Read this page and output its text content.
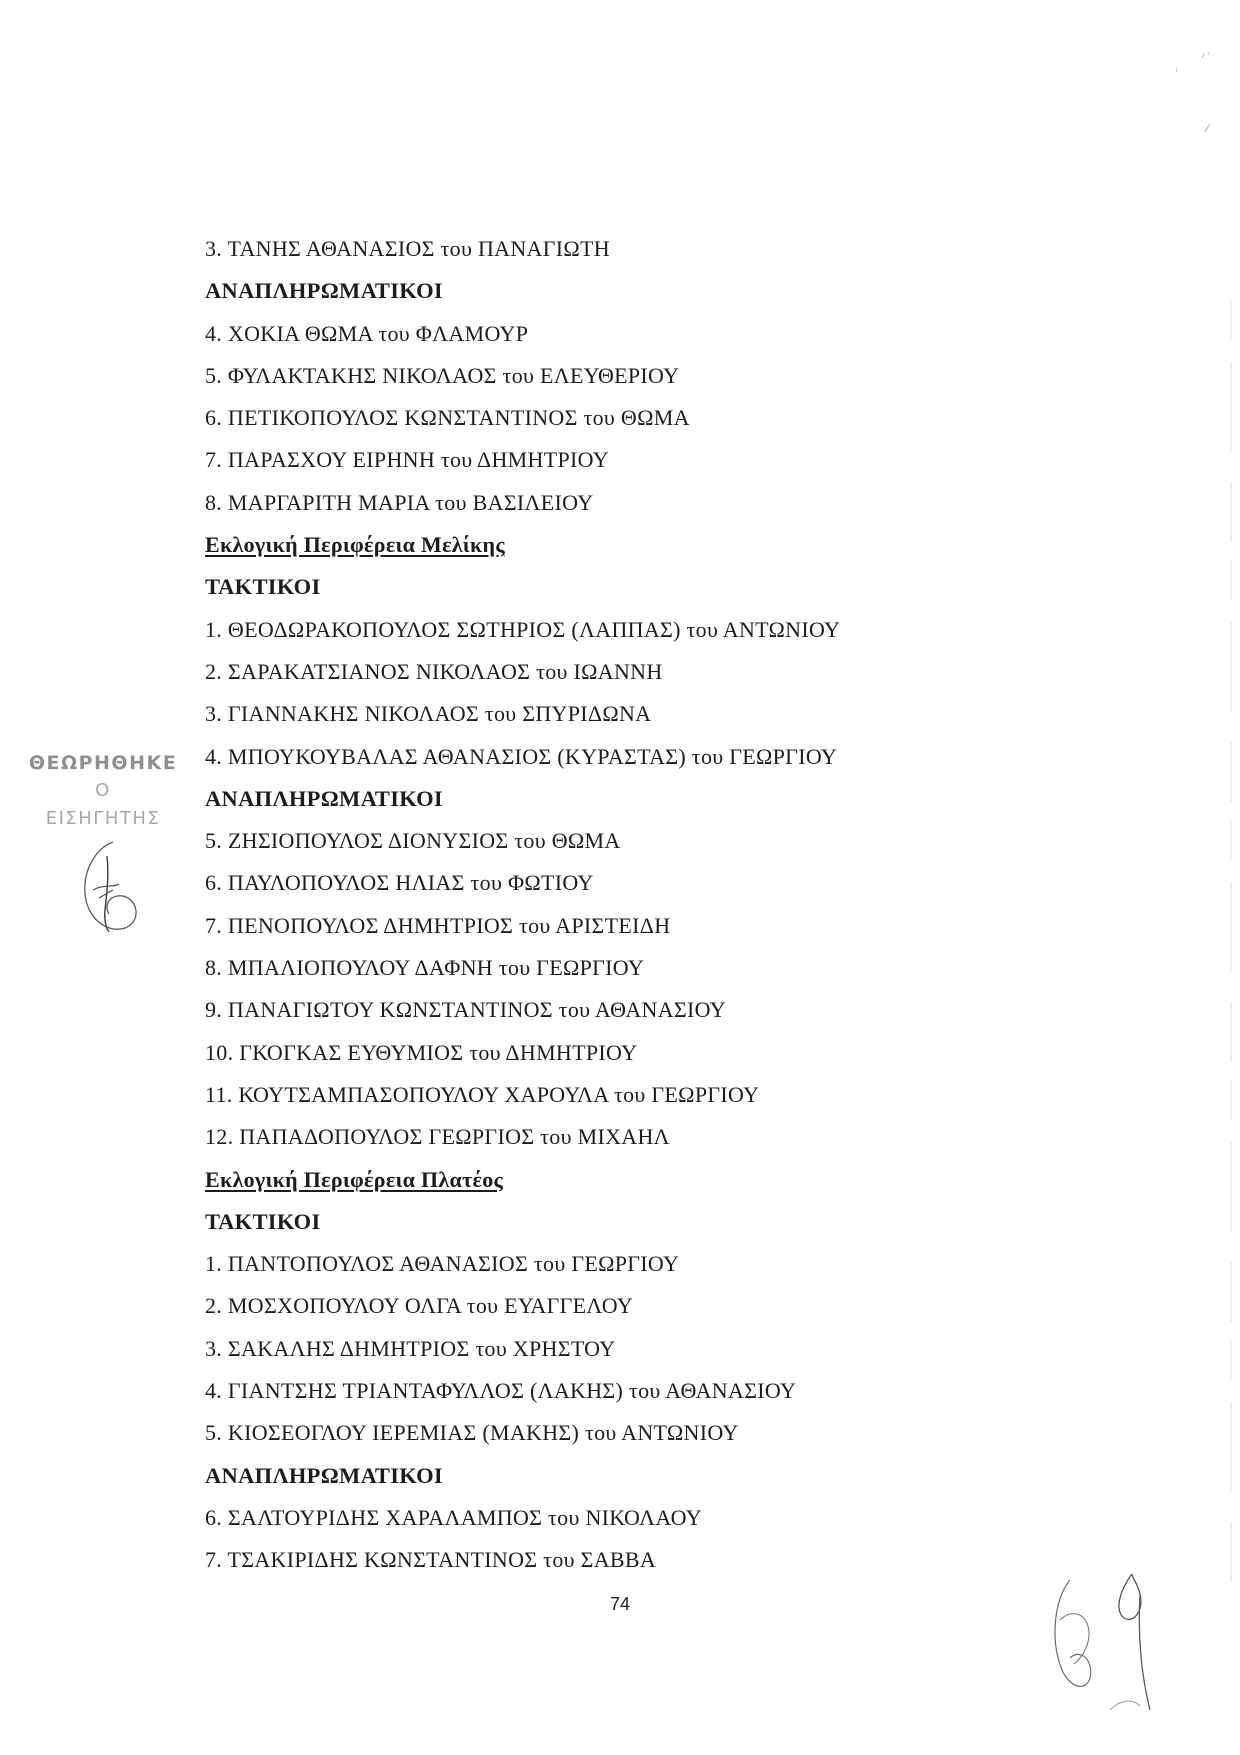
3. ΤΑΝΗΣ ΑΘΑΝΑΣΙΟΣ του ΠΑΝΑΓΙΩΤΗ
ΑΝΑΠΛΗΡΩΜΑΤΙΚΟΙ
4. ΧΟΚΙΑ ΘΩΜΑ του ΦΛΑΜΟΥΡ
5. ΦΥΛΑΚΤΑΚΗΣ ΝΙΚΟΛΑΟΣ του ΕΛΕΥΘΕΡΙΟΥ
6. ΠΕΤΙΚΟΠΟΥΛΟΣ ΚΩΝΣΤΑΝΤΙΝΟΣ του ΘΩΜΑ
7. ΠΑΡΑΣΧΟΥ ΕΙΡΗΝΗ του ΔΗΜΗΤΡΙΟΥ
8. ΜΑΡΓΑΡΙΤΗ ΜΑΡΙΑ του ΒΑΣΙΛΕΙΟΥ
Εκλογική Περιφέρεια Μελίκης
ΤΑΚΤΙΚΟΙ
1. ΘΕΟΔΩΡΑΚΟΠΟΥΛΟΣ ΣΩΤΗΡΙΟΣ (ΛΑΠΠΑΣ) του ΑΝΤΩΝΙΟΥ
2. ΣΑΡΑΚΑΤΣΙΑΝΟΣ ΝΙΚΟΛΑΟΣ του ΙΩΑΝΝΗ
3. ΓΙΑΝΝΑΚΗΣ ΝΙΚΟΛΑΟΣ του ΣΠΥΡΙΔΩΝΑ
4. ΜΠΟΥΚΟΥΒΑΛΑΣ ΑΘΑΝΑΣΙΟΣ (ΚΥΡΑΣΤΑΣ) του ΓΕΩΡΓΙΟΥ
ΑΝΑΠΛΗΡΩΜΑΤΙΚΟΙ
5. ΖΗΣΙΟΠΟΥΛΟΣ ΔΙΟΝΥΣΙΟΣ του ΘΩΜΑ
6. ΠΑΥΛΟΠΟΥΛΟΣ ΗΛΙΑΣ του ΦΩΤΙΟΥ
7. ΠΕΝΟΠΟΥΛΟΣ ΔΗΜΗΤΡΙΟΣ του ΑΡΙΣΤΕΙΔΗ
8. ΜΠΑΛΙΟΠΟΥΛΟΥ ΔΑΦΝΗ του ΓΕΩΡΓΙΟΥ
9. ΠΑΝΑΓΙΩΤΟΥ ΚΩΝΣΤΑΝΤΙΝΟΣ του ΑΘΑΝΑΣΙΟΥ
10. ΓΚΟΓΚΑΣ ΕΥΘΥΜΙΟΣ του ΔΗΜΗΤΡΙΟΥ
11. ΚΟΥΤΣΑΜΠΑΣΟΠΟΥΛΟΥ ΧΑΡΟΥΛΑ του ΓΕΩΡΓΙΟΥ
12. ΠΑΠΑΔΟΠΟΥΛΟΣ ΓΕΩΡΓΙΟΣ του ΜΙΧΑΗΛ
Εκλογική Περιφέρεια Πλατέος
ΤΑΚΤΙΚΟΙ
1. ΠΑΝΤΟΠΟΥΛΟΣ ΑΘΑΝΑΣΙΟΣ του ΓΕΩΡΓΙΟΥ
2. ΜΟΣΧΟΠΟΥΛΟΥ ΟΛΓΑ του ΕΥΑΓΓΕΛΟΥ
3. ΣΑΚΑΛΗΣ ΔΗΜΗΤΡΙΟΣ του ΧΡΗΣΤΟΥ
4. ΓΙΑΝΤΣΗΣ ΤΡΙΑΝΤΑΦΥΛΛΟΣ (ΛΑΚΗΣ) του ΑΘΑΝΑΣΙΟΥ
5. ΚΙΟΣΕΟΓΛΟΥ ΙΕΡΕΜΙΑΣ (ΜΑΚΗΣ) του ΑΝΤΩΝΙΟΥ
ΑΝΑΠΛΗΡΩΜΑΤΙΚΟΙ
6. ΣΑΛΤΟΥΡΙΔΗΣ ΧΑΡΑΛΑΜΠΟΣ του ΝΙΚΟΛΑΟΥ
7. ΤΣΑΚΙΡΙΔΗΣ ΚΩΝΣΤΑΝΤΙΝΟΣ του ΣΑΒΒΑ
ΘΕΩΡΗΘΗΚΕ
Ο
ΕΙΣΗΓΗΤΗΣ
74
